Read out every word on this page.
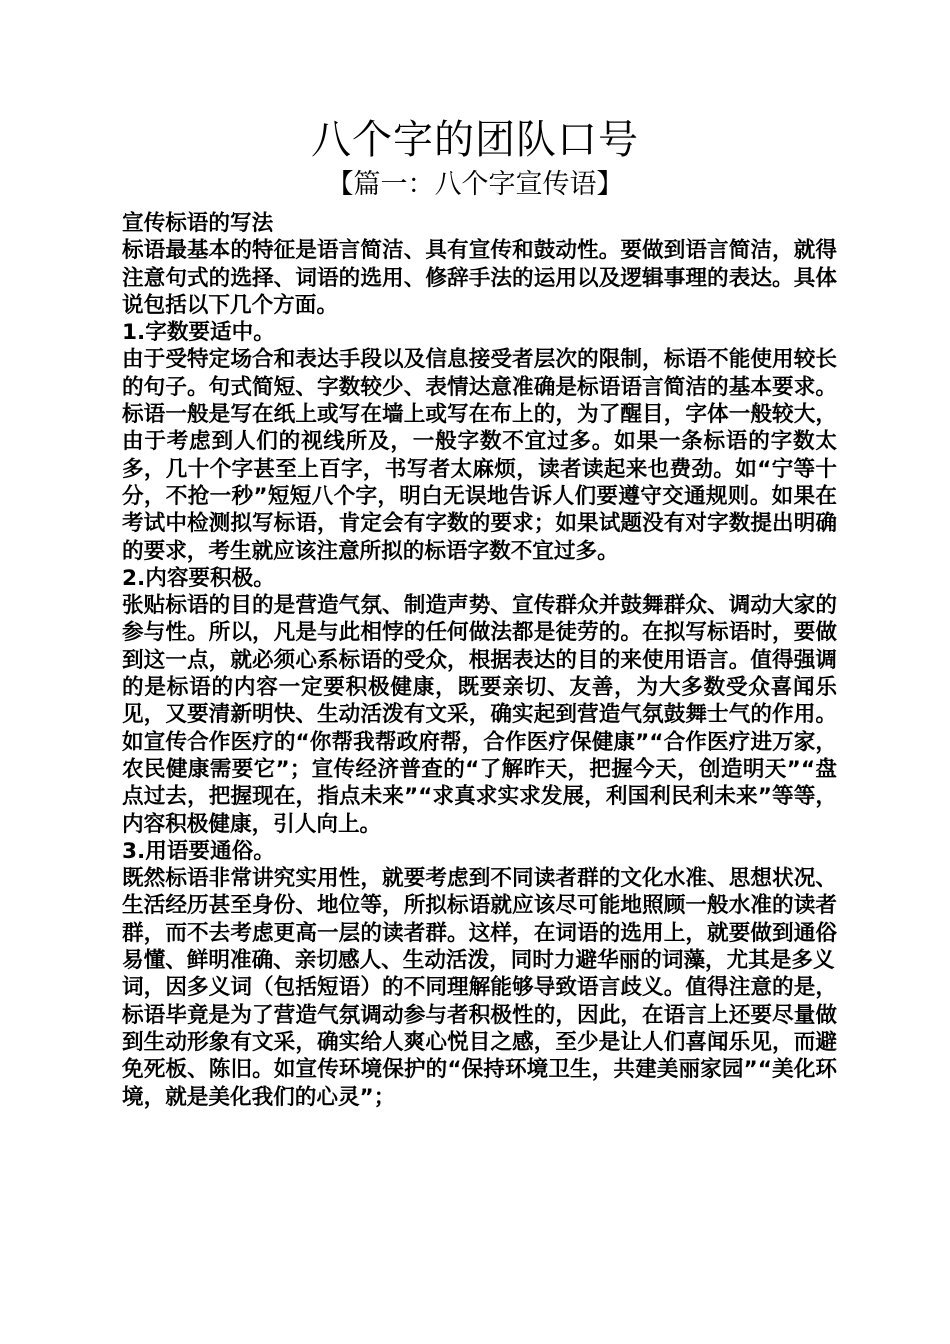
八个字的团队口号
【篇一：八个字宣传语】

宣传标语的写法

标语最基本的特征是语言简洁、具有宣传和鼓动性。要做到语言简洁，就得注意句式的选择、词语的选用、修辞手法的运用以及逻辑事理的表达。具体说包括以下几个方面。

1.字数要适中。

由于受特定场合和表达手段以及信息接受者层次的限制，标语不能使用较长的句子。句式简短、字数较少、表情达意准确是标语语言简洁的基本要求。标语一般是写在纸上或写在墙上或写在布上的，为了醒目，字体一般较大，由于考虑到人们的视线所及，一般字数不宜过多。如果一条标语的字数太多，几十个字甚至上百字，书写者太麻烦，读者读起来也费劲。如“宁等十分，不抢一秒”短短八个字，明白无误地告诉人们要遵守交通规则。如果在考试中检测拟写标语，肯定会有字数的要求；如果试题没有对字数提出明确的要求，考生就应该注意所拟的标语字数不宜过多。

2.内容要积极。

张贴标语的目的是营造气氛、制造声势、宣传群众并鼓舞群众、调动大家的参与性。所以，凡是与此相悖的任何做法都是徒劳的。在拟写标语时，要做到这一点，就必须心系标语的受众，根据表达的目的来使用语言。值得强调的是标语的内容一定要积极健康，既要亲切、友善，为大多数受众喜闻乐见，又要清新明快、生动活泼有文采，确实起到营造气氛鼓舞士气的作用。如宣传合作医疗的“你帮我帮政府帮，合作医疗保健康”“合作医疗进万家，农民健康需要它”；宣传经济普查的“了解昨天，把握今天，创造明天”“盘点过去，把握现在，指点未来”“求真求实求发展，利国利民利未来”等等，内容积极健康，引人向上。

3.用语要通俗。

既然标语非常讲究实用性，就要考虑到不同读者群的文化水准、思想状况、生活经历甚至身份、地位等，所拟标语就应该尽可能地照顾一般水准的读者群，而不去考虑更高一层的读者群。这样，在词语的选用上，就要做到通俗易懂、鲜明准确、亲切感人、生动活泼，同时力避华丽的词藻，尤其是多义

词，因多义词（包括短语）的不同理解能够导致语言歧义。值得注意的是，标语毕竟是为了营造气氛调动参与者积极性的，因此，在语言上还要尽量做到生动形象有文采，确实给人爽心悦目之感，至少是让人们喜闻乐见，而避免死板、陈旧。如宣传环境保护的“保持环境卫生，共建美丽家园”“美化环境，就是美化我们的心灵”；
